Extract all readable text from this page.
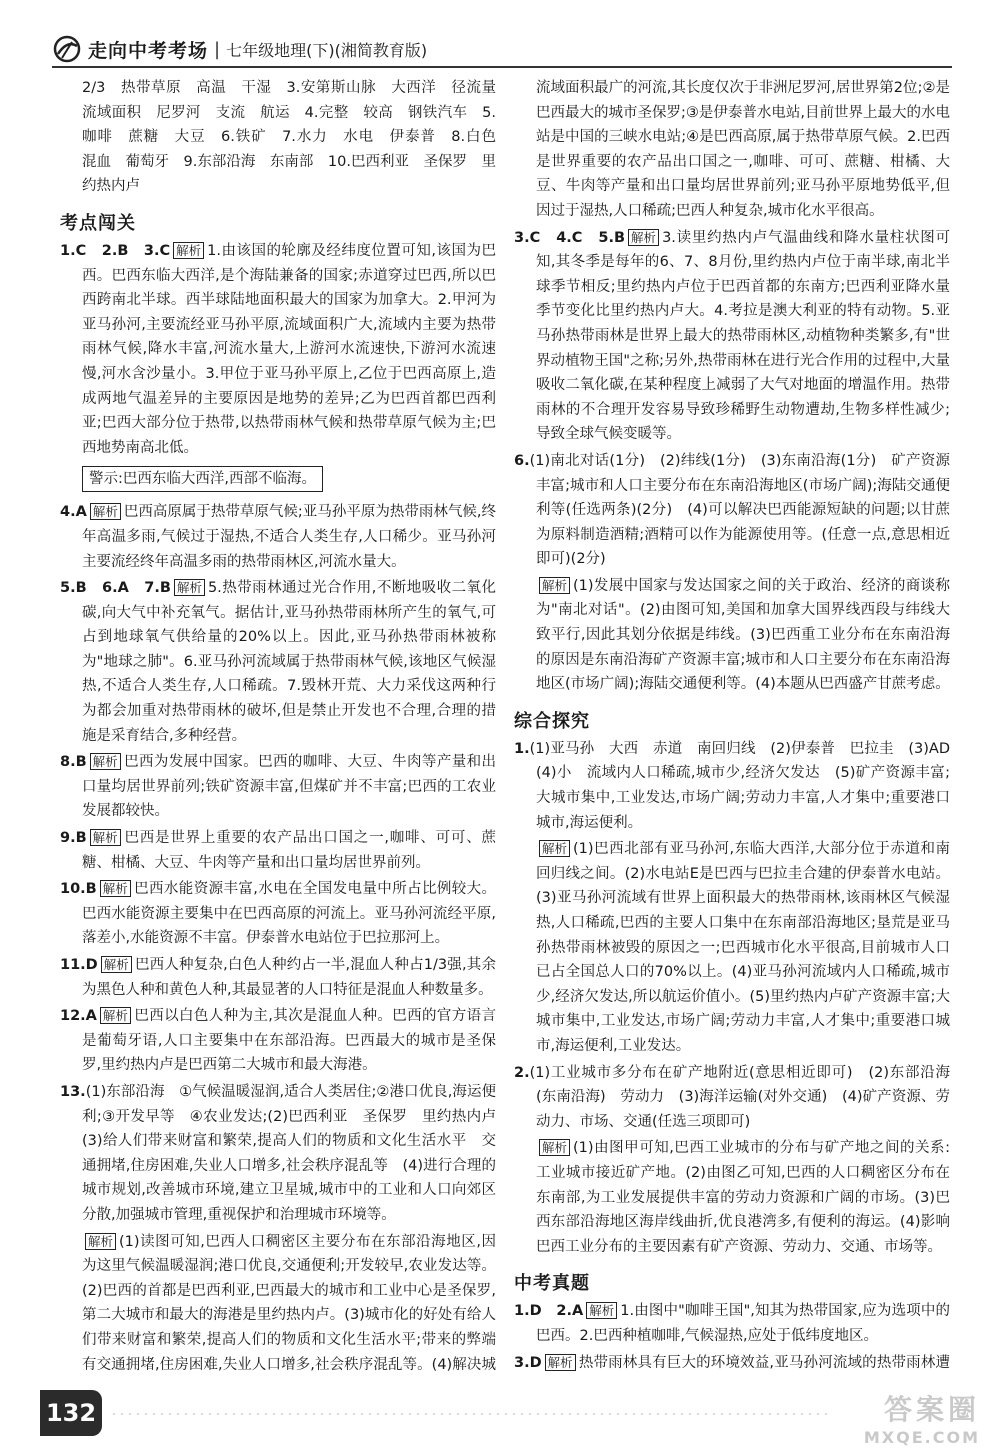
走向中考考场 | 七年级地理(下)(湘简教育版)

2/3　热带草原　高温　干湿　3.安第斯山脉　大西洋　径流量　流域面积　尼罗河　支流　航运　4.完整　较高　钢铁汽车　5.咖啡　蔗糖　大豆　6.铁矿　7.水力　水电　伊泰普　8.白色　混血　葡萄牙　9.东部沿海　东南部　10.巴西利亚　圣保罗　里约热内卢

考点闯关

1.C　2.B　3.C 解析 1.由该国的轮廓及经纬度位置可知,该国为巴西。巴西东临大西洋,是个海陆兼备的国家;赤道穿过巴西,所以巴西跨南北半球。西半球陆地面积最大的国家为加拿大。2.甲河为亚马孙河,主要流经亚马孙平原,流域面积广大,流域内主要为热带雨林气候,降水丰富,河流水量大,上游河水流速快,下游河水流速慢,河水含沙量小。3.甲位于亚马孙平原上,乙位于巴西高原上,造成两地气温差异的主要原因是地势的差异;乙为巴西首都巴西利亚;巴西大部分位于热带,以热带雨林气候和热带草原气候为主;巴西地势南高北低。

警示:巴西东临大西洋,西部不临海。

4.A 解析 巴西高原属于热带草原气候;亚马孙平原为热带雨林气候,终年高温多雨,气候过于湿热,不适合人类生存,人口稀少。亚马孙河主要流经终年高温多雨的热带雨林区,河流水量大。

5.B　6.A　7.B 解析 5.热带雨林通过光合作用,不断地吸收二氧化碳,向大气中补充氧气。据估计,亚马孙热带雨林所产生的氧气,可占到地球氧气供给量的20%以上。因此,亚马孙热带雨林被称为"地球之肺"。6.亚马孙河流域属于热带雨林气候,该地区气候湿热,不适合人类生存,人口稀疏。7.毁林开荒、大力采伐这两种行为都会加重对热带雨林的破坏,但是禁止开发也不合理,合理的措施是采育结合,多种经营。

8.B 解析 巴西为发展中国家。巴西的咖啡、大豆、牛肉等产量和出口量均居世界前列;铁矿资源丰富,但煤矿并不丰富;巴西的工农业发展都较快。

9.B 解析 巴西是世界上重要的农产品出口国之一,咖啡、可可、蔗糖、柑橘、大豆、牛肉等产量和出口量均居世界前列。

10.B 解析 巴西水能资源丰富,水电在全国发电量中所占比例较大。巴西水能资源主要集中在巴西高原的河流上。亚马孙河流经平原,落差小,水能资源不丰富。伊泰普水电站位于巴拉那河上。

11.D 解析 巴西人种复杂,白色人种约占一半,混血人种占1/3强,其余为黑色人种和黄色人种,其最显著的人口特征是混血人种数量多。

12.A 解析 巴西以白色人种为主,其次是混血人种。巴西的官方语言是葡萄牙语,人口主要集中在东部沿海。巴西最大的城市是圣保罗,里约热内卢是巴西第二大城市和最大海港。

13.(1)东部沿海　①气候温暖湿润,适合人类居住;②港口优良,海运便利;③开发早等　④农业发达;(2)巴西利亚　圣保罗　里约热内卢　(3)给人们带来财富和繁荣,提高人们的物质和文化生活水平　交通拥堵,住房困难,失业人口增多,社会秩序混乱等　(4)进行合理的城市规划,改善城市环境,建立卫星城,城市中的工业和人口向郊区分散,加强城市管理,重视保护和治理城市环境等。

解析 (1)读图可知,巴西人口稠密区主要分布在东部沿海地区,因为这里气候温暖湿润;港口优良,交通便利;开发较早,农业发达等。(2)巴西的首都是巴西利亚,巴西最大的城市和工业中心是圣保罗,第二大城市和最大的海港是里约热内卢。(3)城市化的好处有给人们带来财富和繁荣,提高人们的物质和文化生活水平;带来的弊端有交通拥堵,住房困难,失业人口增多,社会秩序混乱等。(4)解决城

流域面积最广的河流,其长度仅次于非洲尼罗河,居世界第2位;②是巴西最大的城市圣保罗;③是伊泰普水电站,目前世界上最大的水电站是中国的三峡水电站;④是巴西高原,属于热带草原气候。2.巴西是世界重要的农产品出口国之一,咖啡、可可、蔗糖、柑橘、大豆、牛肉等产量和出口量均居世界前列;亚马孙平原地势低平,但因过于湿热,人口稀疏;巴西人种复杂,城市化水平很高。

3.C　4.C　5.B 解析 3.读里约热内卢气温曲线和降水量柱状图可知,其冬季是每年的6、7、8月份,里约热内卢位于南半球,南北半球季节相反;里约热内卢位于巴西首都的东南方;巴西利亚降水量季节变化比里约热内卢大。4.考拉是澳大利亚的特有动物。5.亚马孙热带雨林是世界上最大的热带雨林区,动植物种类繁多,有"世界动植物王国"之称;另外,热带雨林在进行光合作用的过程中,大量吸收二氧化碳,在某种程度上减弱了大气对地面的增温作用。热带雨林的不合理开发容易导致珍稀野生动物遭劫,生物多样性减少;导致全球气候变暖等。

6.(1)南北对话(1分)　(2)纬线(1分)　(3)东南沿海(1分)　矿产资源丰富;城市和人口主要分布在东南沿海地区(市场广阔);海陆交通便利等(任选两条)(2分)　(4)可以解决巴西能源短缺的问题;以甘蔗为原料制造酒精;酒精可以作为能源使用等。(任意一点,意思相近即可)(2分)

解析 (1)发展中国家与发达国家之间的关于政治、经济的商谈称为"南北对话"。(2)由图可知,美国和加拿大国界线西段与纬线大致平行,因此其划分依据是纬线。(3)巴西重工业分布在东南沿海的原因是东南沿海矿产资源丰富;城市和人口主要分布在东南沿海地区(市场广阔);海陆交通便利等。(4)本题从巴西盛产甘蔗考虑。

综合探究

1.(1)亚马孙　大西　赤道　南回归线　(2)伊泰普　巴拉圭　(3)AD　(4)小　流域内人口稀疏,城市少,经济欠发达　(5)矿产资源丰富;大城市集中,工业发达,市场广阔;劳动力丰富,人才集中;重要港口城市,海运便利。

解析 (1)巴西北部有亚马孙河,东临大西洋,大部分位于赤道和南回归线之间。(2)水电站E是巴西与巴拉圭合建的伊泰普水电站。(3)亚马孙河流域有世界上面积最大的热带雨林,该雨林区气候湿热,人口稀疏,巴西的主要人口集中在东南部沿海地区;垦荒是亚马孙热带雨林被毁的原因之一;巴西城市化水平很高,目前城市人口已占全国总人口的70%以上。(4)亚马孙河流域内人口稀疏,城市少,经济欠发达,所以航运价值小。(5)里约热内卢矿产资源丰富;大城市集中,工业发达,市场广阔;劳动力丰富,人才集中;重要港口城市,海运便利,工业发达。

2.(1)工业城市多分布在矿产地附近(意思相近即可)　(2)东部沿海(东南沿海)　劳动力　(3)海洋运输(对外交通)　(4)矿产资源、劳动力、市场、交通(任选三项即可)

解析 (1)由图甲可知,巴西工业城市的分布与矿产地之间的关系:工业城市接近矿产地。(2)由图乙可知,巴西的人口稠密区分布在东南部,为工业发展提供丰富的劳动力资源和广阔的市场。(3)巴西东部沿海地区海岸线曲折,优良港湾多,有便利的海运。(4)影响巴西工业分布的主要因素有矿产资源、劳动力、交通、市场等。

中考真题

1.D　2.A 解析 1.由图中"咖啡王国",知其为热带国家,应为选项中的巴西。2.巴西种植咖啡,气候湿热,应处于低纬度地区。

3.D 解析 热带雨林具有巨大的环境效益,亚马孙河流域的热带雨林遭

132	答案圈
MXQE.COM
